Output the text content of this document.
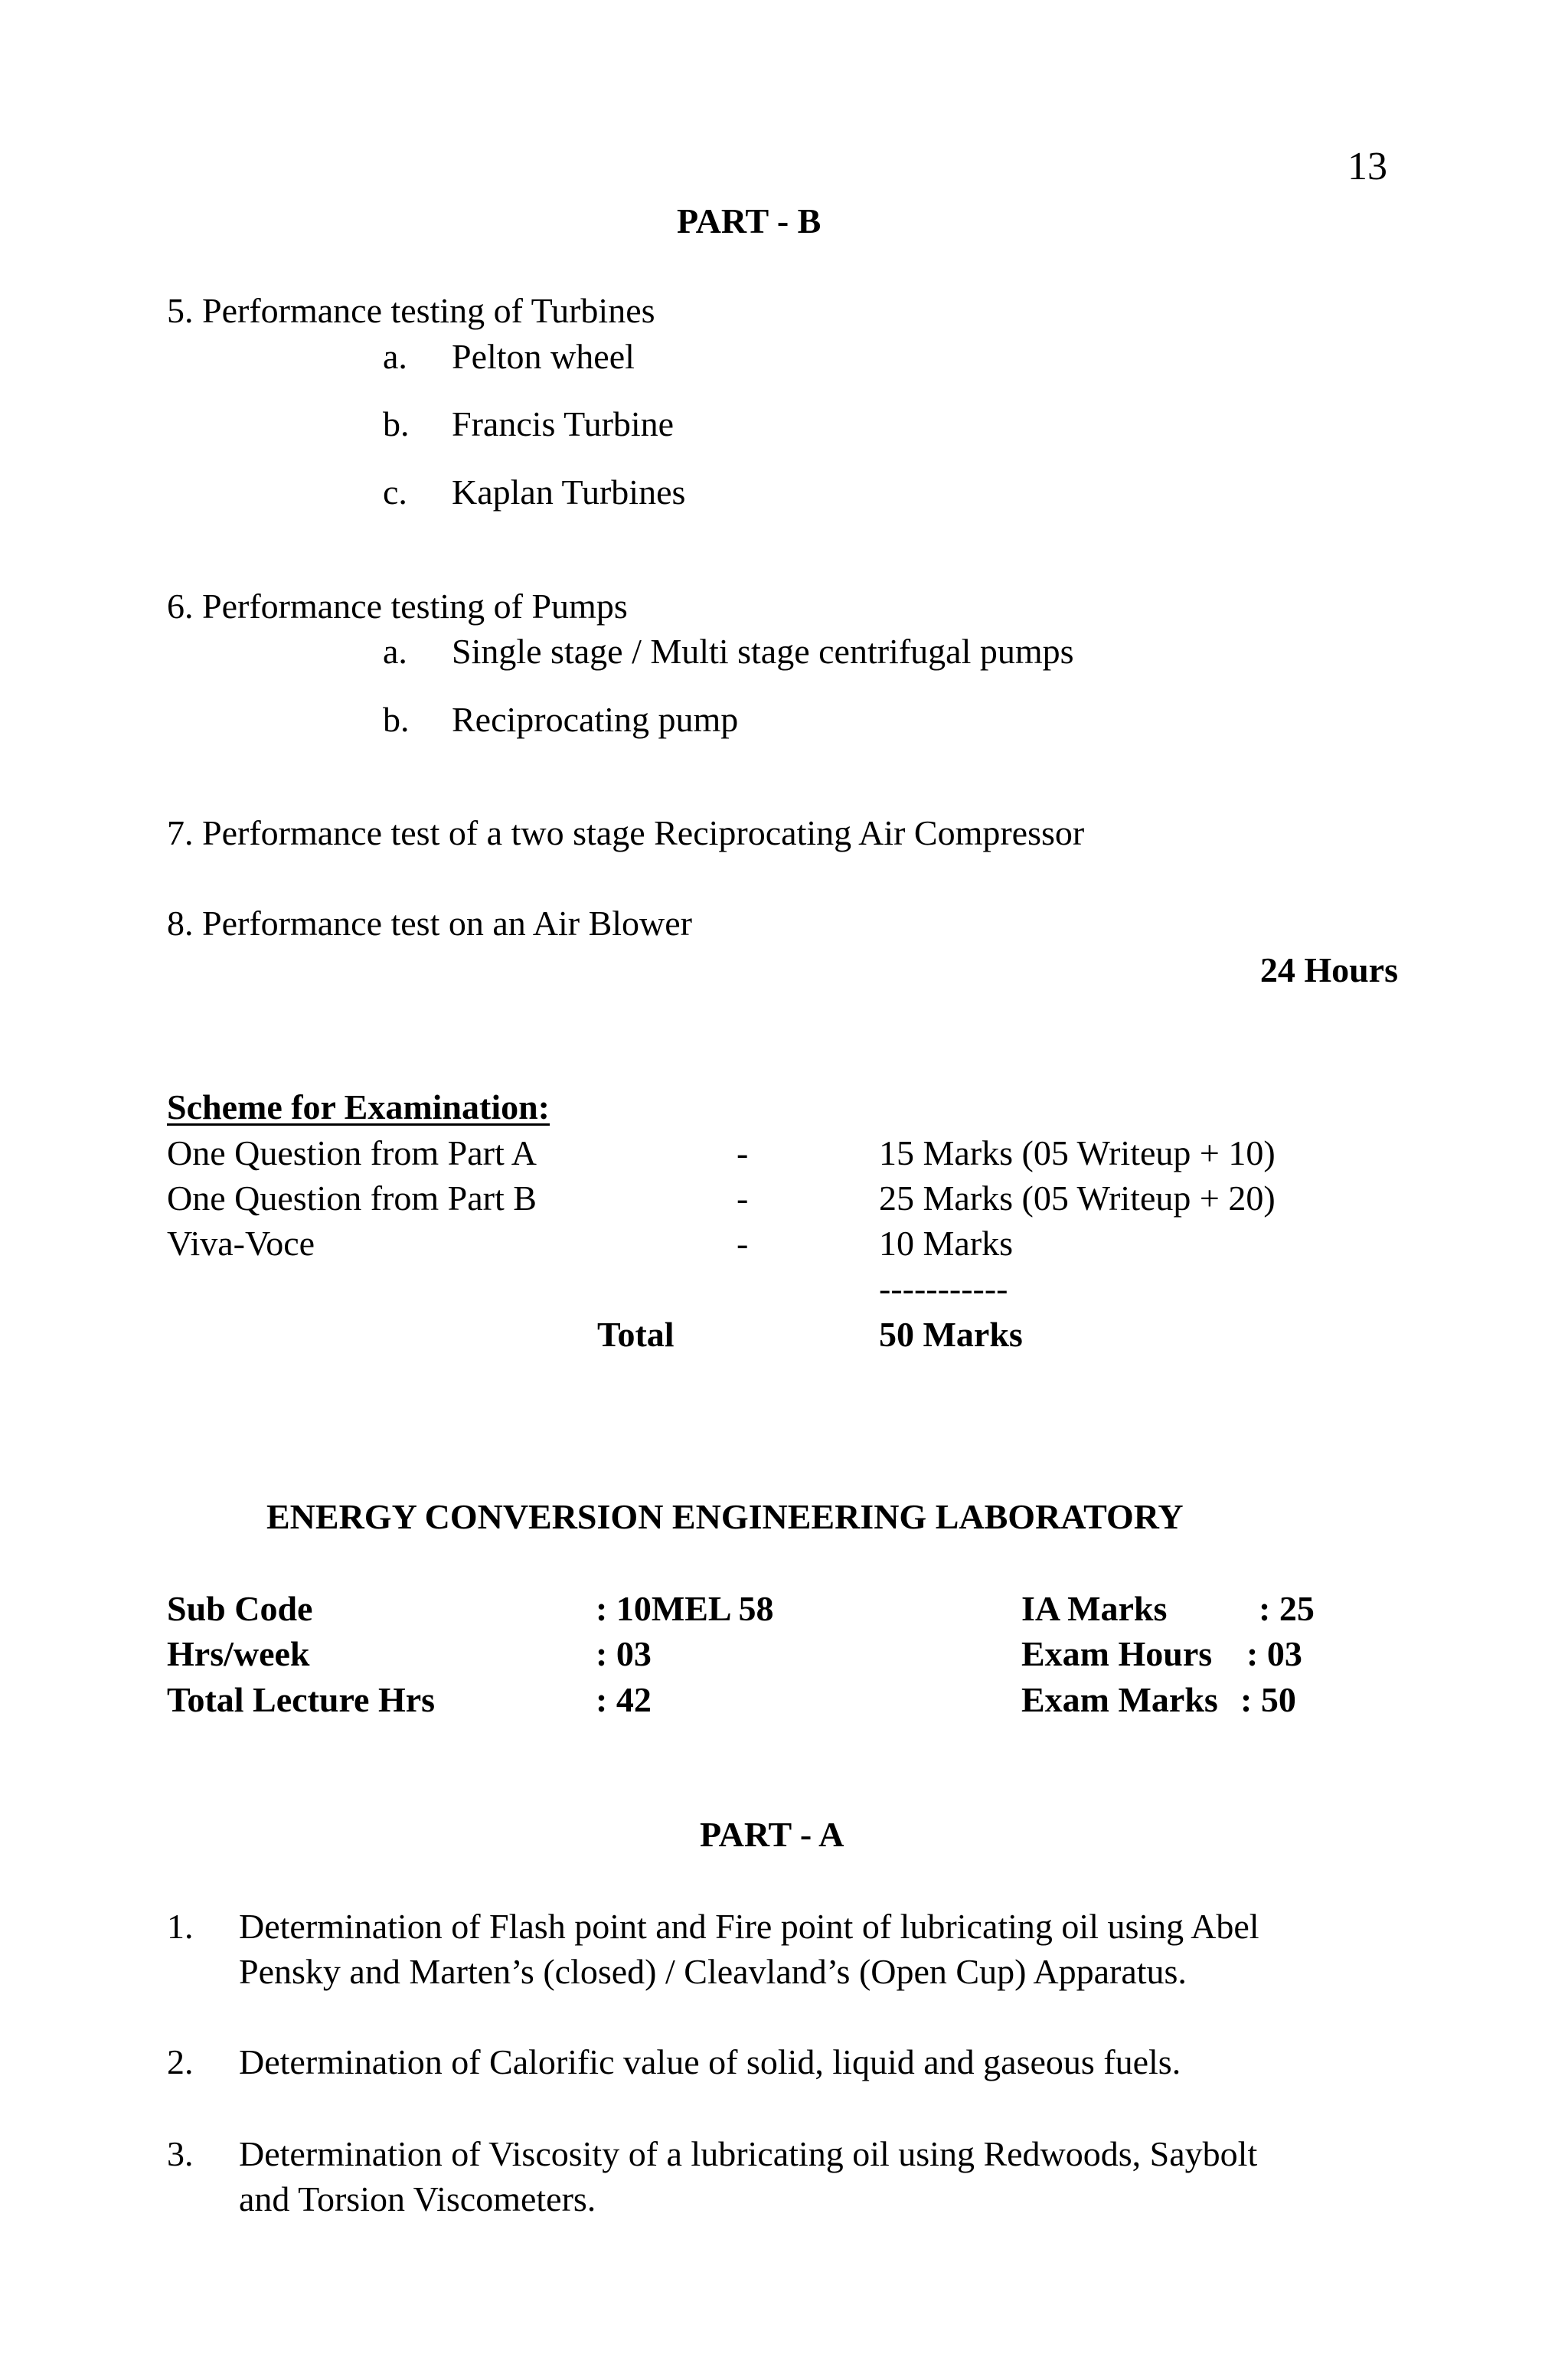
13
PART - B
5. Performance testing of Turbines
a. Pelton wheel
b. Francis Turbine
c. Kaplan Turbines
6. Performance testing of Pumps
a. Single stage / Multi stage centrifugal pumps
b. Reciprocating pump
7. Performance test of a two stage Reciprocating Air Compressor
8. Performance test on an Air Blower
24 Hours
Scheme for Examination:
One Question from Part A	-	15 Marks (05 Writeup + 10)
One Question from Part B	-	25 Marks (05 Writeup + 20)
Viva-Voce	-	10 Marks
-----------
Total	50 Marks
ENERGY CONVERSION ENGINEERING LABORATORY
Sub Code	: 10MEL 58	IA Marks	: 25
Hrs/week	: 03	Exam Hours : 03
Total Lecture Hrs	: 42	Exam Marks : 50
PART - A
1. Determination of Flash point and Fire point of lubricating oil using Abel
Pensky and Marten’s (closed) / Cleavland’s (Open Cup) Apparatus.
2. Determination of Calorific value of solid, liquid and gaseous fuels.
3. Determination of Viscosity of a lubricating oil using Redwoods, Saybolt
and Torsion Viscometers.
